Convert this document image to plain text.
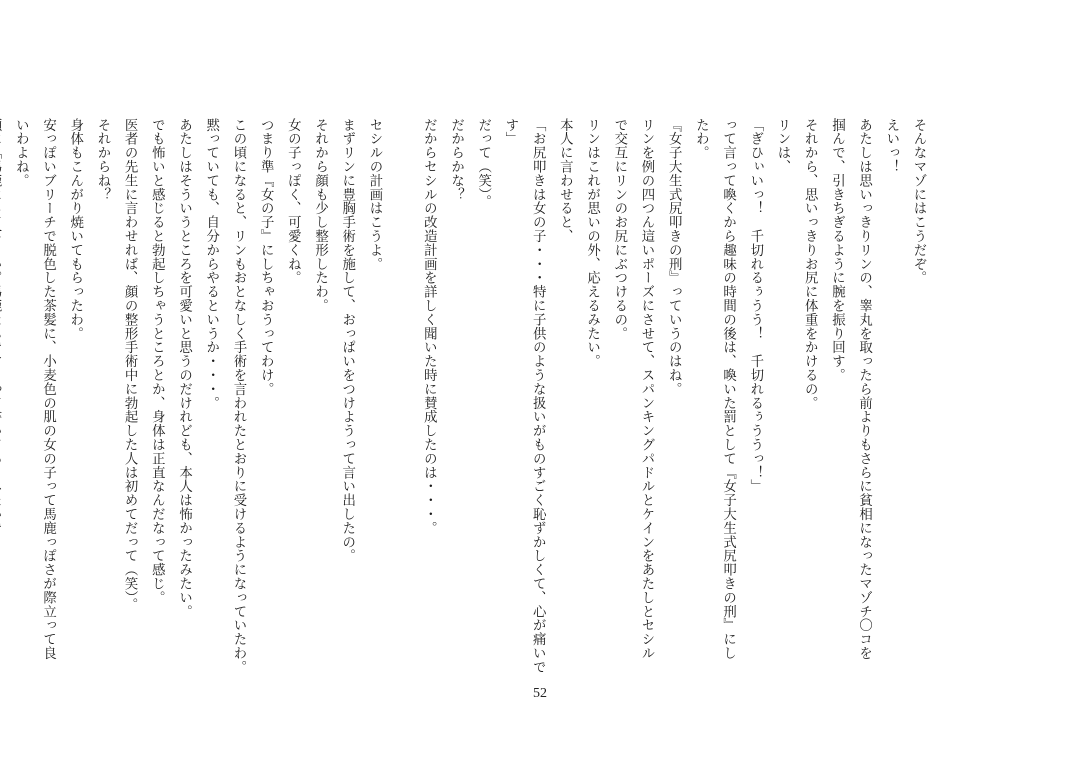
そんなマゾにはこうだぞ。
えいっ！
あたしは思いっきりリンの、睾丸を取ったら前よりもさらに貧相になったマゾチ〇コを
掴んで、引きちぎるように腕を振り回す。
それから、思いっきりお尻に体重をかけるの。
リンは、
「ぎひぃいっ！　千切れるぅうう！　千切れるぅううっ！」
って言って喚くから趣味の時間の後は、喚いた罰として『女子大生式尻叩きの刑』にし
たわ。
『女子大生式尻叩きの刑』っていうのはね。
リンを例の四つん這いポーズにさせて、スパンキングパドルとケインをあたしとセシル
で交互にリンのお尻にぶつけるの。
リンはこれが思いの外、応えるみたい。
本人に言わせると、
「お尻叩きは女の子・・・特に子供のような扱いがものすごく恥ずかしくて、心が痛いで
す」
だって（笑）。
だからかな？
だからセシルの改造計画を詳しく聞いた時に賛成したのは・・・。
セシルの計画はこうよ。
まずリンに豊胸手術を施して、おっぱいをつけようって言い出したの。
それから顔も少し整形したわ。
女の子っぽく、可愛くね。
つまり準『女の子』にしちゃおうってわけ。
この頃になると、リンもおとなしく手術を言われたとおりに受けるようになっていたわ。
黙っていても、自分からやるというか・・・。
あたしはそういうところを可愛いと思うのだけれども、本人は怖かったみたい。
でも怖いと感じると勃起しちゃうところとか、身体は正直なんだなって感じ。
医者の先生に言わせれば、顔の整形手術中に勃起した人は初めてだって（笑）。
それからね？
身体もこんがり焼いてもらったわ。
安っぽいブリーチで脱色した茶髪に、小麦色の肌の女の子って馬鹿っぽさが際立って良
いわよね。
52
